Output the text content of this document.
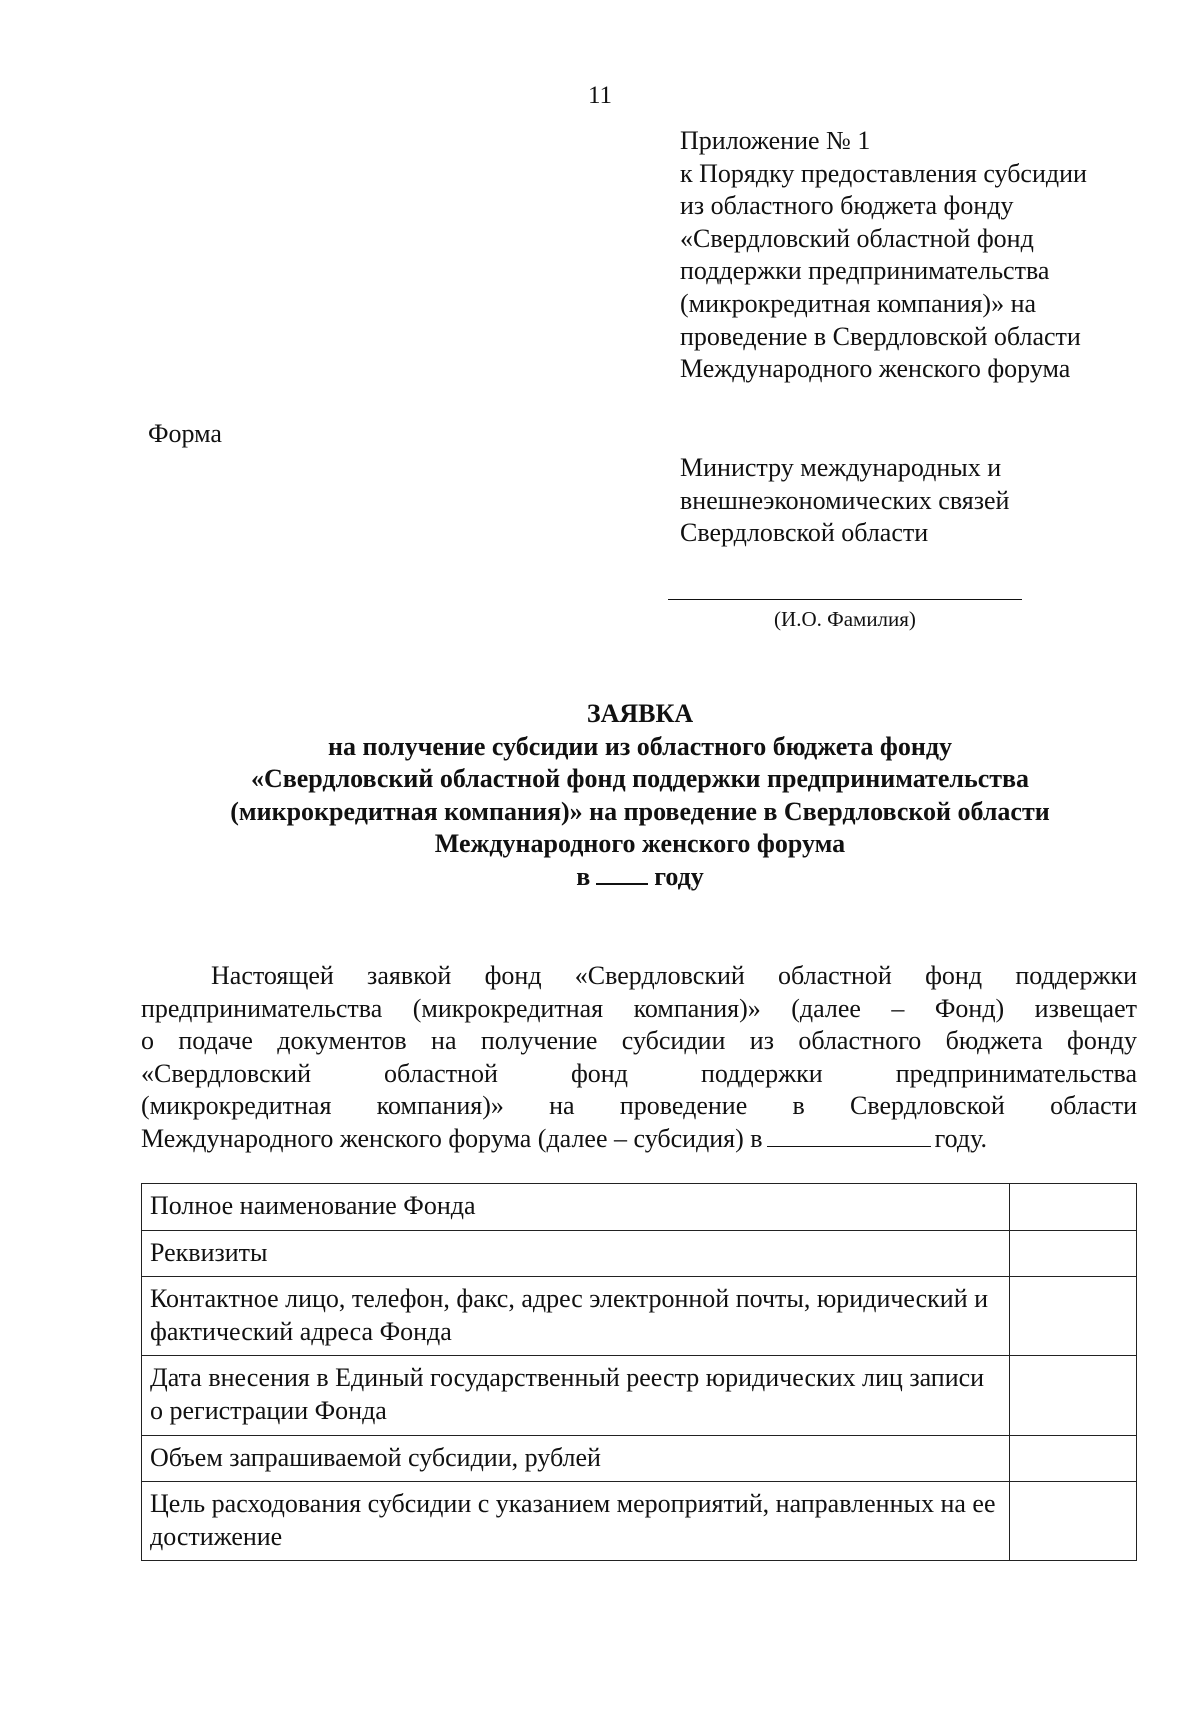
11
Приложение № 1
к Порядку предоставления субсидии
из областного бюджета фонду
«Свердловский областной фонд
поддержки предпринимательства
(микрокредитная компания)» на
проведение в Свердловской области
Международного женского форума
Форма
Министру международных и
внешнеэкономических связей
Свердловской области
(И.О. Фамилия)
ЗАЯВКА
на получение субсидии из областного бюджета фонду
«Свердловский областной фонд поддержки предпринимательства
(микрокредитная компания)» на проведение в Свердловской области
Международного женского форума
в году
Настоящей заявкой фонд «Свердловский областной фонд поддержки
предпринимательства (микрокредитная компания)» (далее – Фонд) извещает
о подаче документов на получение субсидии из областного бюджета фонду
«Свердловский областной фонд поддержки предпринимательства
(микрокредитная компания)» на проведение в Свердловской области
Международного женского форума (далее – субсидия) в	году.
Полное наименование Фонда	
Реквизиты	
Контактное лицо, телефон, факс, адрес электронной почты, юридический и фактический адреса Фонда	
Дата внесения в Единый государственный реестр юридических лиц записи о регистрации Фонда	
Объем запрашиваемой субсидии, рублей	
Цель расходования субсидии с указанием мероприятий, направленных на ее достижение	
